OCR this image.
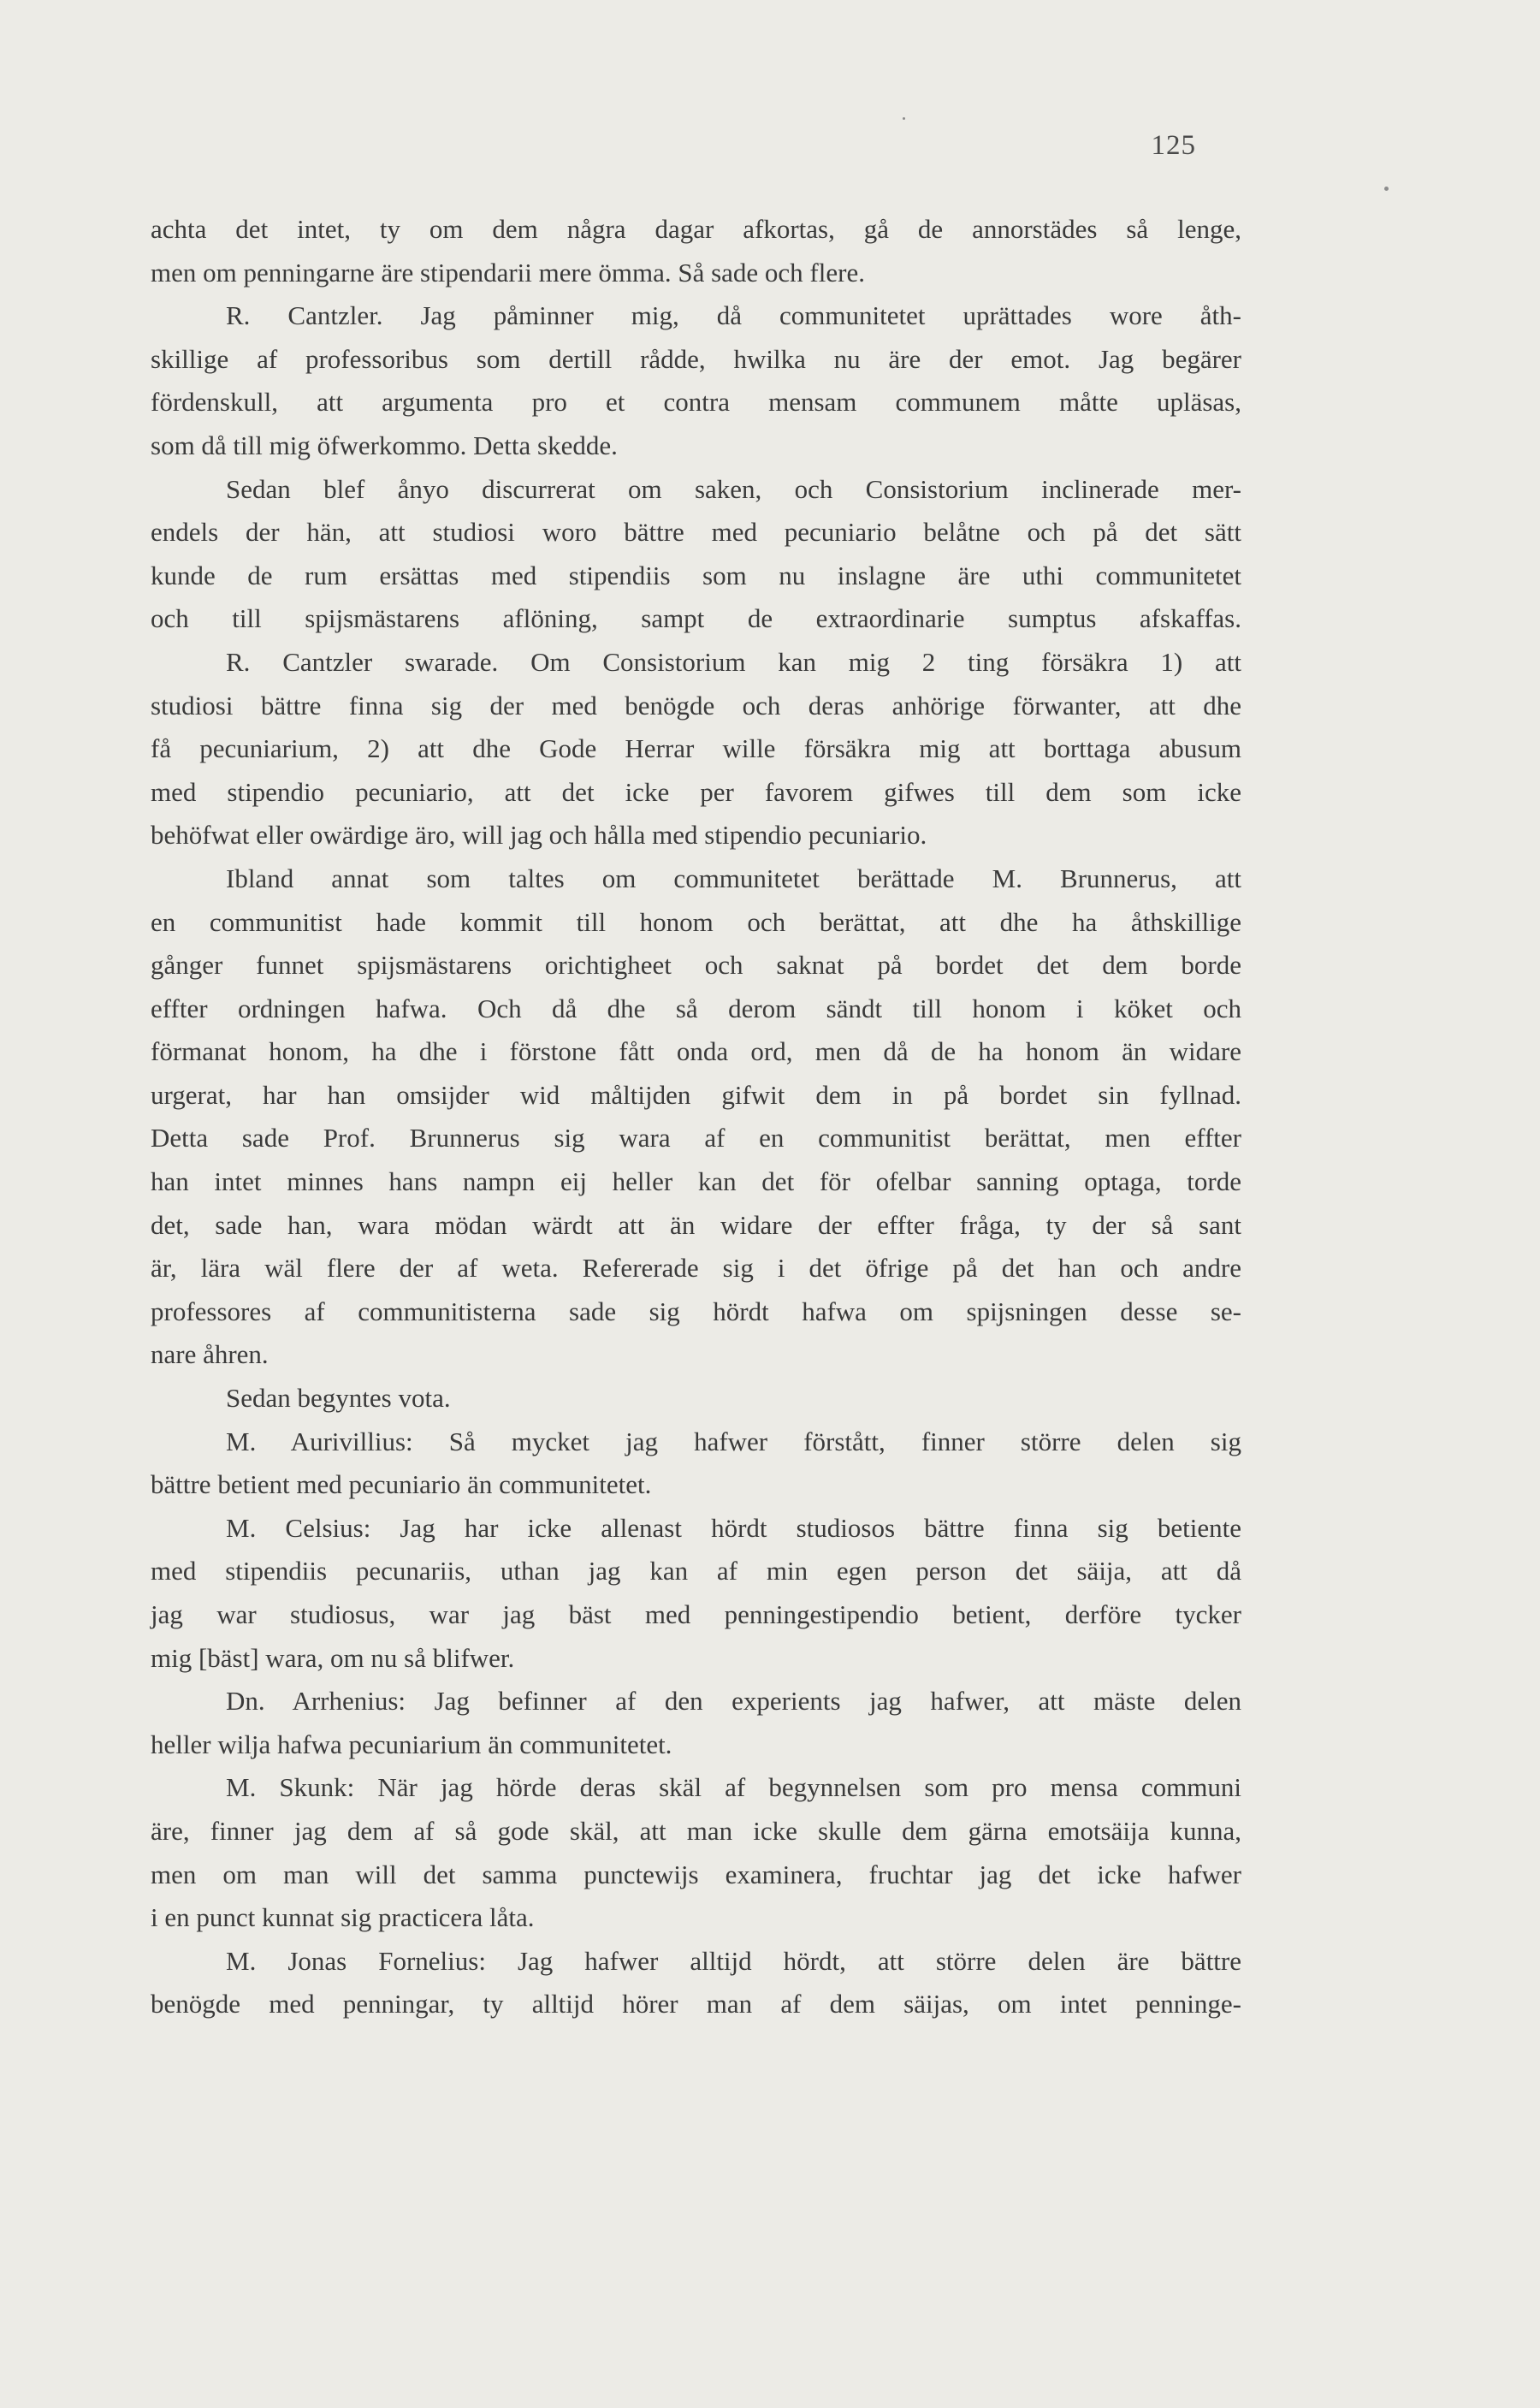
125
achta det intet, ty om dem några dagar afkortas, gå de annorstädes så lenge,
men om penningarne äre stipendarii mere ömma. Så sade och flere.
R. Cantzler. Jag påminner mig, då communitetet uprättades wore åth-
skillige af professoribus som dertill rådde, hwilka nu äre der emot. Jag begärer
fördenskull, att argumenta pro et contra mensam communem måtte upläsas,
som då till mig öfwerkommo. Detta skedde.
Sedan blef ånyo discurrerat om saken, och Consistorium inclinerade mer-
endels der hän, att studiosi woro bättre med pecuniario belåtne och på det sätt
kunde de rum ersättas med stipendiis som nu inslagne äre uthi communitetet
och till spijsmästarens aflöning, sampt de extraordinarie sumptus afskaffas.
R. Cantzler swarade. Om Consistorium kan mig 2 ting försäkra 1) att
studiosi bättre finna sig der med benögde och deras anhörige förwanter, att dhe
få pecuniarium, 2) att dhe Gode Herrar wille försäkra mig att borttaga abusum
med stipendio pecuniario, att det icke per favorem gifwes till dem som icke
behöfwat eller owärdige äro, will jag och hålla med stipendio pecuniario.
Ibland annat som taltes om communitetet berättade M. Brunnerus, att
en communitist hade kommit till honom och berättat, att dhe ha åthskillige
gånger funnet spijsmästarens orichtigheet och saknat på bordet det dem borde
effter ordningen hafwa. Och då dhe så derom sändt till honom i köket och
förmanat honom, ha dhe i förstone fått onda ord, men då de ha honom än widare
urgerat, har han omsijder wid måltijden gifwit dem in på bordet sin fyllnad.
Detta sade Prof. Brunnerus sig wara af en communitist berättat, men effter
han intet minnes hans nampn eij heller kan det för ofelbar sanning optaga, torde
det, sade han, wara mödan wärdt att än widare der effter fråga, ty der så sant
är, lära wäl flere der af weta. Refererade sig i det öfrige på det han och andre
professores af communitisterna sade sig hördt hafwa om spijsningen desse se-
nare åhren.
Sedan begyntes vota.
M. Aurivillius: Så mycket jag hafwer förstått, finner större delen sig
bättre betient med pecuniario än communitetet.
M. Celsius: Jag har icke allenast hördt studiosos bättre finna sig betiente
med stipendiis pecunariis, uthan jag kan af min egen person det säija, att då
jag war studiosus, war jag bäst med penningestipendio betient, derföre tycker
mig [bäst] wara, om nu så blifwer.
Dn. Arrhenius: Jag befinner af den experients jag hafwer, att mäste delen
heller wilja hafwa pecuniarium än communitetet.
M. Skunk: När jag hörde deras skäl af begynnelsen som pro mensa communi
äre, finner jag dem af så gode skäl, att man icke skulle dem gärna emotsäija kunna,
men om man will det samma punctewijs examinera, fruchtar jag det icke hafwer
i en punct kunnat sig practicera låta.
M. Jonas Fornelius: Jag hafwer alltijd hördt, att större delen äre bättre
benögde med penningar, ty alltijd hörer man af dem säijas, om intet penninge-
